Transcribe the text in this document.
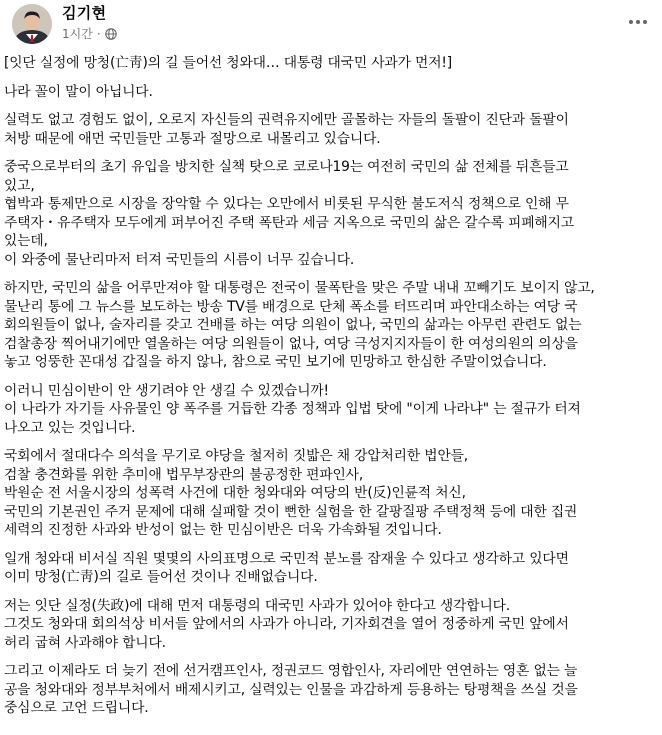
김기현
1시간 ·
[잇단 실정에 망청(亡靑)의 길 들어선 청와대… 대통령 대국민 사과가 먼저!]
나라 꼴이 말이 아닙니다.
실력도 없고 경험도 없이, 오로지 자신들의 권력유지에만 골몰하는 자들의 돌팔이 진단과 돌팔이
처방 때문에 애먼 국민들만 고통과 절망으로 내몰리고 있습니다.
중국으로부터의 초기 유입을 방치한 실책 탓으로 코로나19는 여전히 국민의 삶 전체를 뒤흔들고
있고,
협박과 통제만으로 시장을 장악할 수 있다는 오만에서 비롯된 무식한 불도저식 정책으로 인해 무
주택자・유주택자 모두에게 퍼부어진 주택 폭탄과 세금 지옥으로 국민의 삶은 갈수록 피폐해지고
있는데,
이 와중에 물난리마저 터져 국민들의 시름이 너무 깊습니다.
하지만, 국민의 삶을 어루만져야 할 대통령은 전국이 물폭탄을 맞은 주말 내내 꼬빼기도 보이지 않고,
물난리 통에 그 뉴스를 보도하는 방송 TV를 배경으로 단체 폭소를 터뜨리며 파안대소하는 여당 국
회의원들이 없나, 술자리를 갖고 건배를 하는 여당 의원이 없나, 국민의 삶과는 아무런 관련도 없는
검찰총장 찍어내기에만 열올하는 여당 의원들이 없나, 여당 극성지지자들이 한 여성의원의 의상을
놓고 엉뚱한 꼰대성 갑질을 하지 않나, 참으로 국민 보기에 민망하고 한심한 주말이었습니다.
이러니 민심이반이 안 생기려야 안 생길 수 있겠습니까!
이 나라가 자기들 사유물인 양 폭주를 거듭한 각종 정책과 입법 탓에 "이게 나라냐" 는 절규가 터져
나오고 있는 것입니다.
국회에서 절대다수 의석을 무기로 야당을 철저히 짓밟은 채 강압처리한 법안들,
검찰 충견화를 위한 추미애 법무부장관의 불공정한 편파인사,
박원순 전 서울시장의 성폭력 사건에 대한 청와대와 여당의 반(反)인륜적 처신,
국민의 기본권인 주거 문제에 대해 실패할 것이 뻔한 실험을 한 갈팡질팡 주택정책 등에 대한 집권
세력의 진정한 사과와 반성이 없는 한 민심이반은 더욱 가속화될 것입니다.
일개 청와대 비서실 직원 몇몇의 사의표명으로 국민적 분노를 잠재울 수 있다고 생각하고 있다면
이미 망청(亡靑)의 길로 들어선 것이나 진배없습니다.
저는 잇단 실정(失政)에 대해 먼저 대통령의 대국민 사과가 있어야 한다고 생각합니다.
그것도 청와대 회의석상 비서들 앞에서의 사과가 아니라, 기자회견을 열어 정중하게 국민 앞에서
허리 굽혀 사과해야 합니다.
그리고 이제라도 더 늦기 전에 선거캠프인사, 정권코드 영합인사, 자리에만 연연하는 영혼 없는 늘
공을 청와대와 정부부처에서 배제시키고, 실력있는 인물을 과감하게 등용하는 탕평책을 쓰실 것을
중심으로 고언 드립니다.
